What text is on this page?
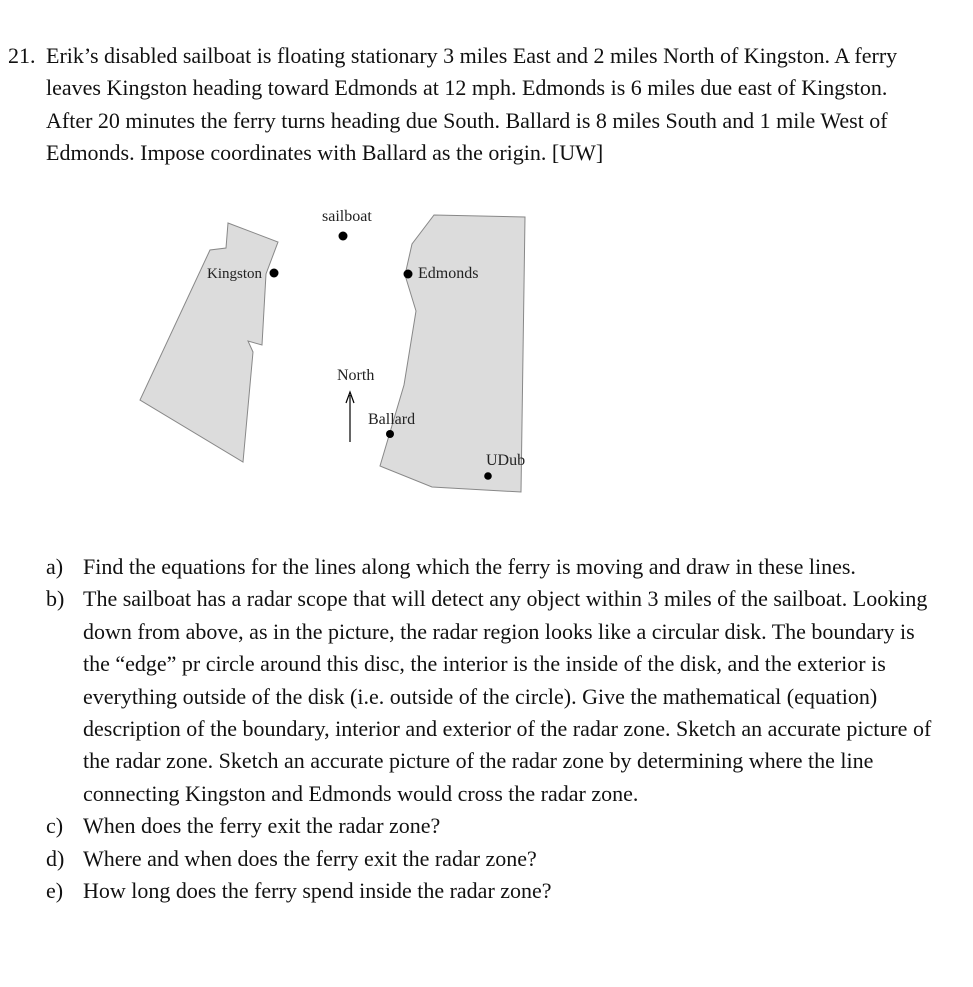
21. Erik’s disabled sailboat is floating stationary 3 miles East and 2 miles North of Kingston. A ferry leaves Kingston heading toward Edmonds at 12 mph. Edmonds is 6 miles due east of Kingston. After 20 minutes the ferry turns heading due South. Ballard is 8 miles South and 1 mile West of Edmonds. Impose coordinates with Ballard as the origin. [UW]
sailboat
Kingston	Edmonds
North
Ballard
UDub
a) Find the equations for the lines along which the ferry is moving and draw in these lines.
b) The sailboat has a radar scope that will detect any object within 3 miles of the sailboat. Looking down from above, as in the picture, the radar region looks like a circular disk. The boundary is the “edge” pr circle around this disc, the interior is the inside of the disk, and the exterior is everything outside of the disk (i.e. outside of the circle). Give the mathematical (equation) description of the boundary, interior and exterior of the radar zone. Sketch an accurate picture of the radar zone. Sketch an accurate picture of the radar zone by determining where the line connecting Kingston and Edmonds would cross the radar zone.
c) When does the ferry exit the radar zone?
d) Where and when does the ferry exit the radar zone?
e) How long does the ferry spend inside the radar zone?
